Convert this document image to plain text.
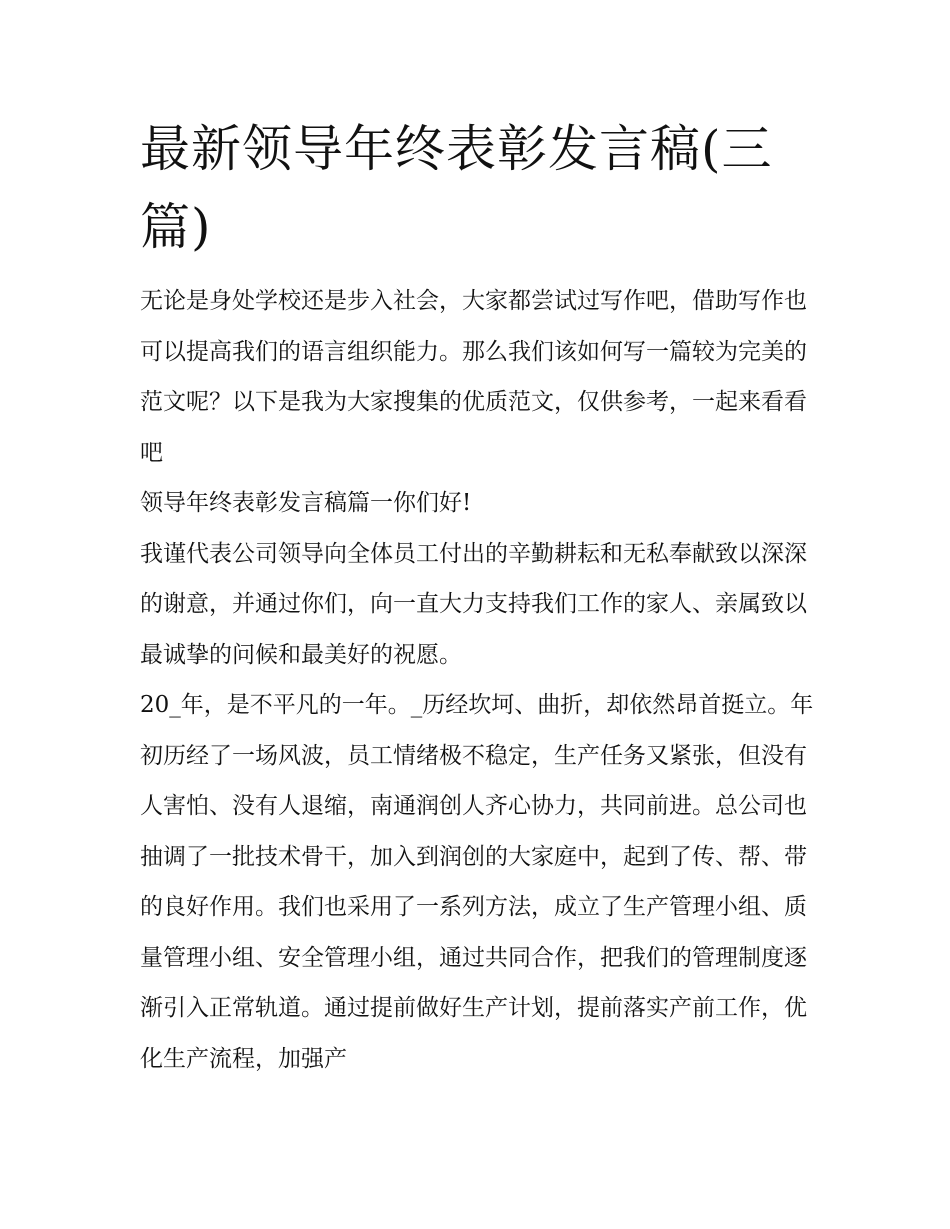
最新领导年终表彰发言稿(三篇)

无论是身处学校还是步入社会，大家都尝试过写作吧，借助写作也可以提高我们的语言组织能力。那么我们该如何写一篇较为完美的范文呢？以下是我为大家搜集的优质范文，仅供参考，一起来看看吧

领导年终表彰发言稿篇一你们好!

我谨代表公司领导向全体员工付出的辛勤耕耘和无私奉献致以深深的谢意，并通过你们，向一直大力支持我们工作的家人、亲属致以最诚挚的问候和最美好的祝愿。

20_年，是不平凡的一年。_历经坎坷、曲折，却依然昂首挺立。年初历经了一场风波，员工情绪极不稳定，生产任务又紧张，但没有人害怕、没有人退缩，南通润创人齐心协力，共同前进。总公司也抽调了一批技术骨干，加入到润创的大家庭中，起到了传、帮、带的良好作用。我们也采用了一系列方法，成立了生产管理小组、质量管理小组、安全管理小组，通过共同合作，把我们的管理制度逐渐引入正常轨道。通过提前做好生产计划，提前落实产前工作，优化生产流程，加强产
